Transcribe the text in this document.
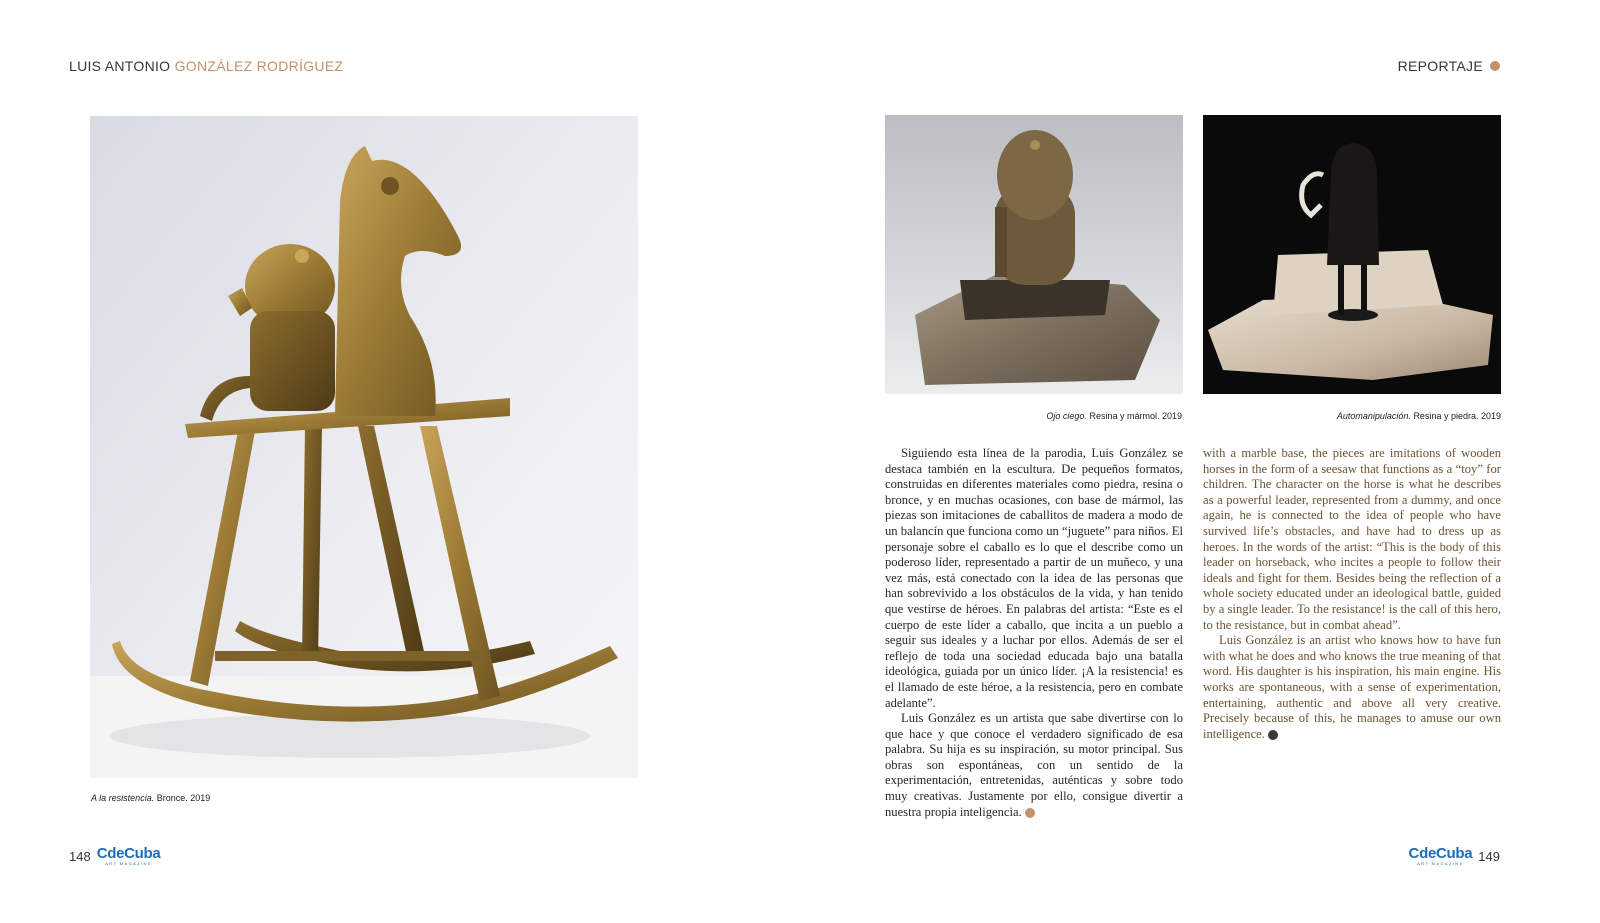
LUIS ANTONIO GONZÁLEZ RODRÍGUEZ	REPORTAJE
A la resistencia. Bronce. 2019
Ojo ciego. Resina y mármol. 2019	Automanipulación. Resina y piedra. 2019

Siguiendo esta línea de la parodia, Luis González se destaca también en la escultura. De pequeños formatos, construidas en diferentes materiales como piedra, resina o bronce, y en muchas ocasiones, con base de mármol, las piezas son imitaciones de caballitos de madera a modo de un balancín que funciona como un “juguete” para niños. El personaje sobre el caballo es lo que el describe como un poderoso líder, representado a partir de un muñeco, y una vez más, está conectado con la idea de las personas que han sobrevivido a los obstáculos de la vida, y han tenido que vestirse de héroes. En palabras del artista: “Este es el cuerpo de este líder a caballo, que incita a un pueblo a seguir sus ideales y a luchar por ellos. Además de ser el reflejo de toda una sociedad educada bajo una batalla ideológica, guiada por un único líder. ¡A la resistencia! es el llamado de este héroe, a la resistencia, pero en combate adelante”.

Luis González es un artista que sabe divertirse con lo que hace y que conoce el verdadero significado de esa palabra. Su hija es su inspiración, su motor principal. Sus obras son espontáneas, con un sentido de la experimentación, entretenidas, auténticas y sobre todo muy creativas. Justamente por ello, consigue divertir a nuestra propia inteligencia.

with a marble base, the pieces are imitations of wooden horses in the form of a seesaw that functions as a “toy” for children. The character on the horse is what he describes as a powerful leader, represented from a dummy, and once again, he is connected to the idea of people who have survived life’s obstacles, and have had to dress up as heroes. In the words of the artist: “This is the body of this leader on horseback, who incites a people to follow their ideals and fight for them. Besides being the reflection of a whole society educated under an ideological battle, guided by a single leader. To the resistance! is the call of this hero, to the resistance, but in combat ahead”.

Luis González is an artist who knows how to have fun with what he does and who knows the true meaning of that word. His daughter is his inspiration, his main engine. His works are spontaneous, with a sense of experimentation, entertaining, authentic and above all very creative. Precisely because of this, he manages to amuse our own intelligence.

148 CdeCuba
ART MAGAZINE
CdeCuba
ART MAGAZINE 149
